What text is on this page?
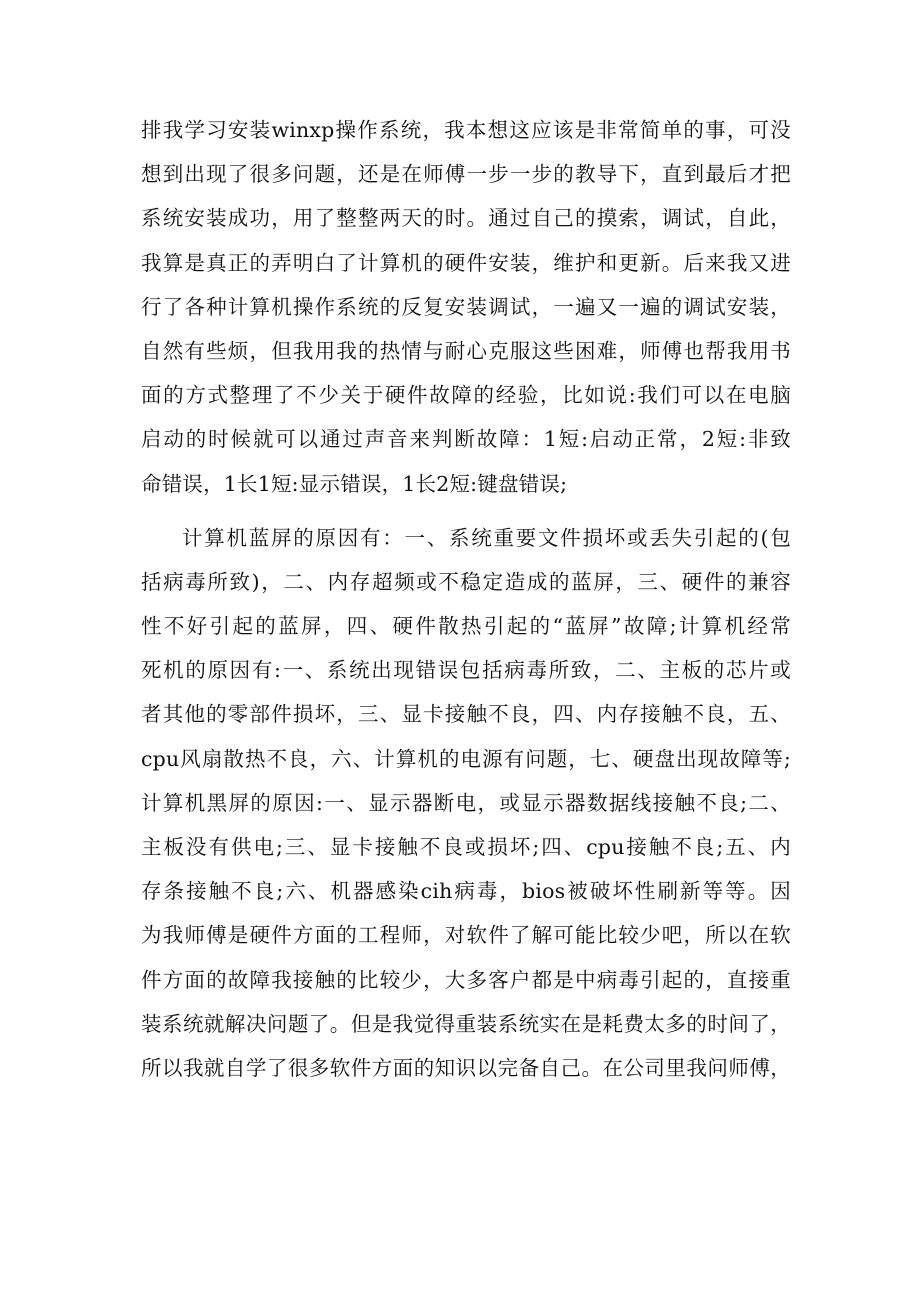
排我学习安装winxp操作系统，我本想这应该是非常简单的事，可没
想到出现了很多问题，还是在师傅一步一步的教导下，直到最后才把
系统安装成功，用了整整两天的时。通过自己的摸索，调试，自此，
我算是真正的弄明白了计算机的硬件安装，维护和更新。后来我又进
行了各种计算机操作系统的反复安装调试，一遍又一遍的调试安装，
自然有些烦，但我用我的热情与耐心克服这些困难，师傅也帮我用书
面的方式整理了不少关于硬件故障的经验，比如说:我们可以在电脑
启动的时候就可以通过声音来判断故障：1短:启动正常，2短:非致
命错误，1长1短:显示错误，1长2短:键盘错误;
计算机蓝屏的原因有：一、系统重要文件损坏或丢失引起的(包
括病毒所致)，二、内存超频或不稳定造成的蓝屏，三、硬件的兼容
性不好引起的蓝屏，四、硬件散热引起的“蓝屏”故障;计算机经常
死机的原因有:一、系统出现错误包括病毒所致，二、主板的芯片或
者其他的零部件损坏，三、显卡接触不良，四、内存接触不良，五、
cpu风扇散热不良，六、计算机的电源有问题，七、硬盘出现故障等;
计算机黑屏的原因:一、显示器断电，或显示器数据线接触不良;二、
主板没有供电;三、显卡接触不良或损坏;四、cpu接触不良;五、内
存条接触不良;六、机器感染cih病毒，bios被破坏性刷新等等。因
为我师傅是硬件方面的工程师，对软件了解可能比较少吧，所以在软
件方面的故障我接触的比较少，大多客户都是中病毒引起的，直接重
装系统就解决问题了。但是我觉得重装系统实在是耗费太多的时间了，
所以我就自学了很多软件方面的知识以完备自己。在公司里我问师傅，
